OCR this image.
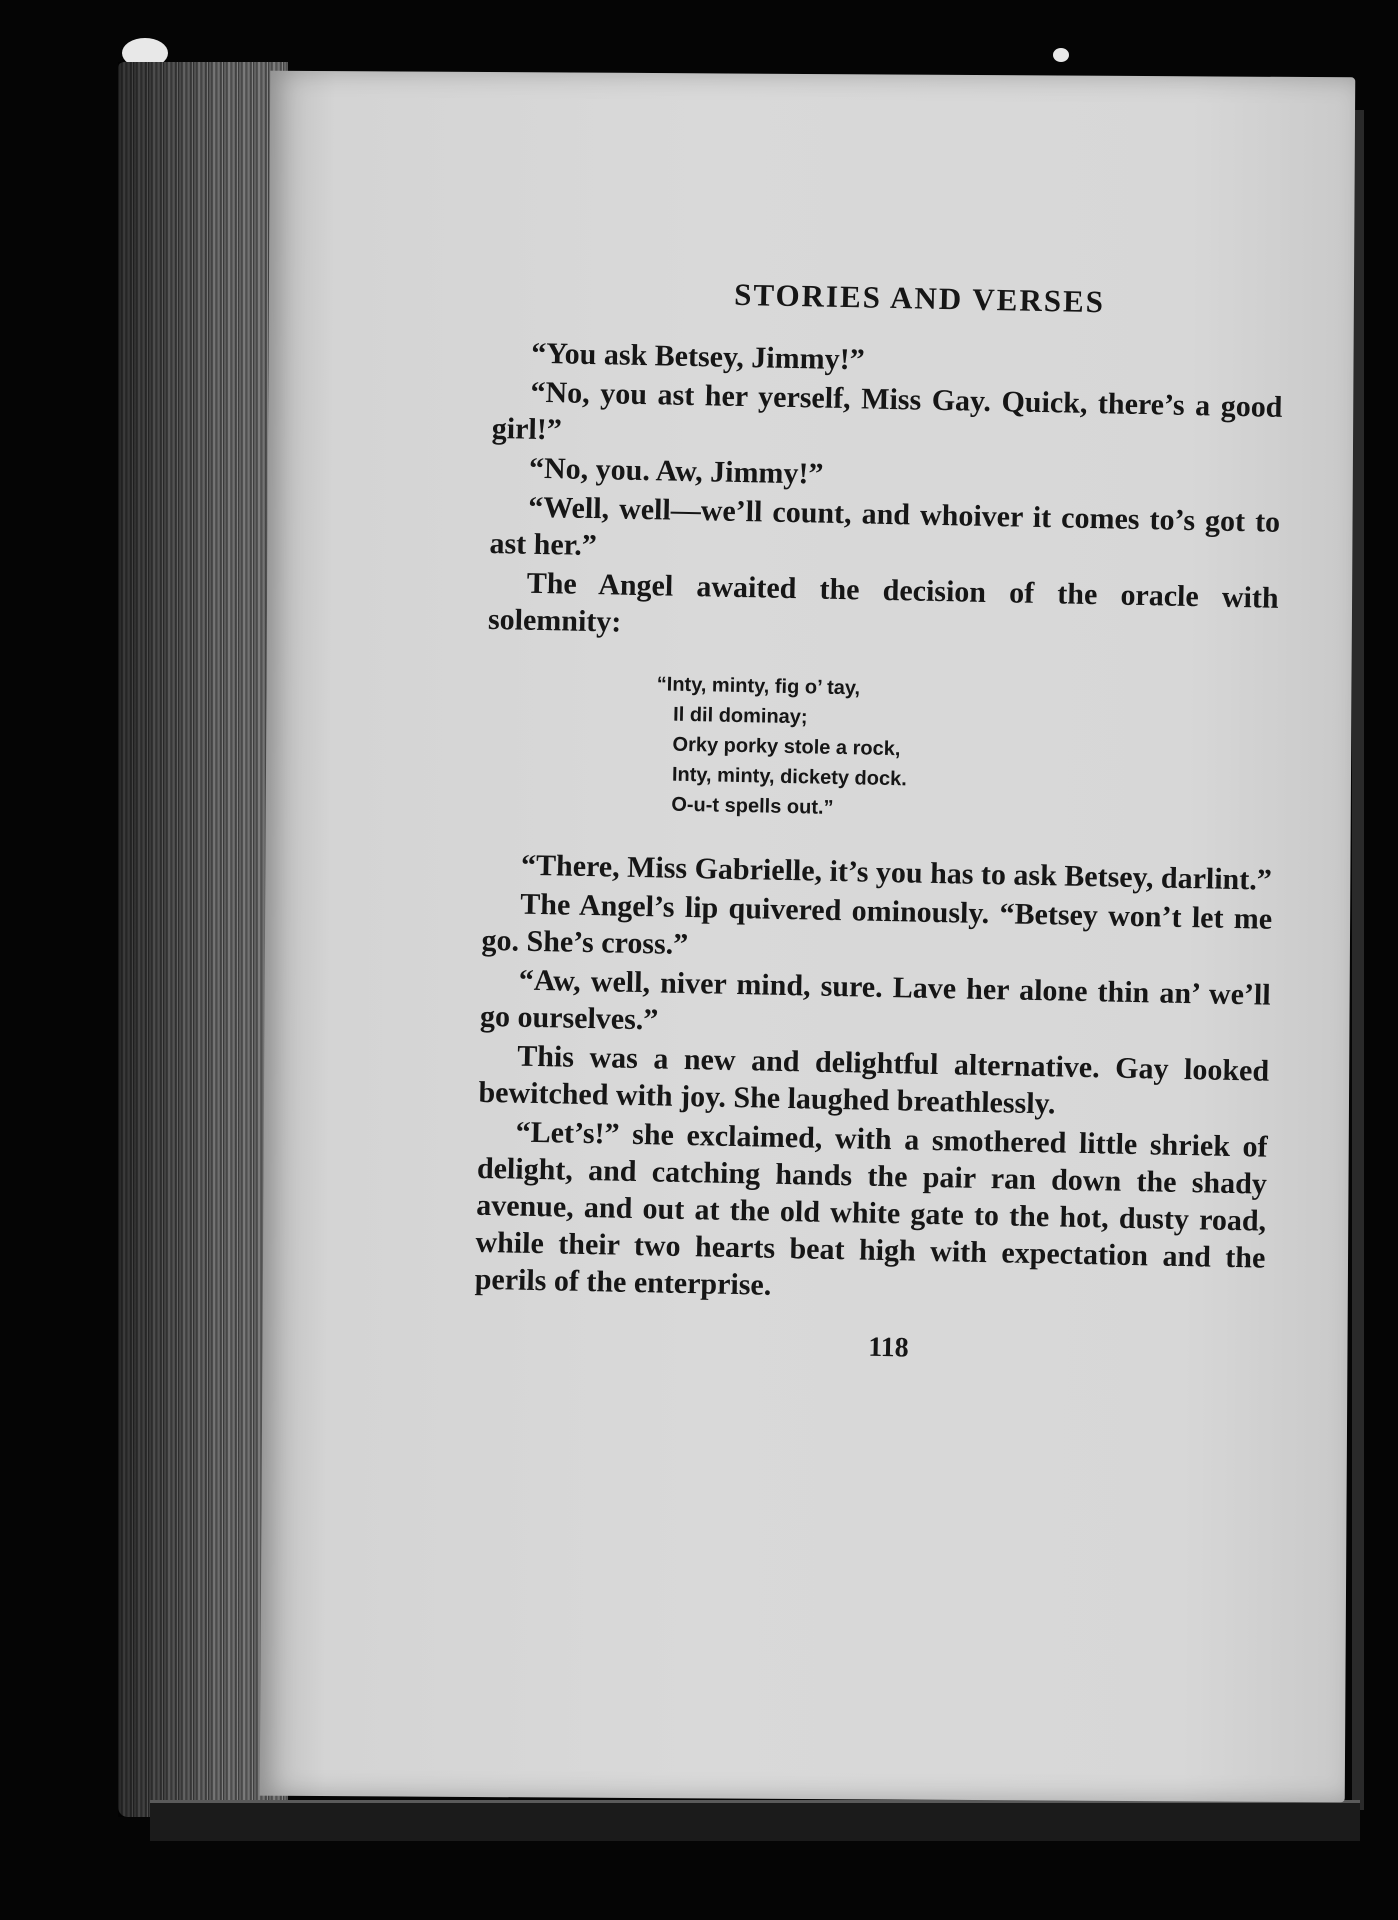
STORIES AND VERSES

“You ask Betsey, Jimmy!”

“No, you ast her yerself, Miss Gay. Quick, there’s a good girl!”

“No, you. Aw, Jimmy!”

“Well, well—we’ll count, and whoiver it comes to’s got to ast her.”

The Angel awaited the decision of the oracle with solemnity:

“Inty, minty, fig o’ tay,
Il dil dominay;
Orky porky stole a rock,
Inty, minty, dickety dock.
O-u-t spells out.”

“There, Miss Gabrielle, it’s you has to ask Betsey, darlint.”

The Angel’s lip quivered ominously. “Betsey won’t let me go. She’s cross.”

“Aw, well, niver mind, sure. Lave her alone thin an’ we’ll go ourselves.”

This was a new and delightful alternative. Gay looked bewitched with joy. She laughed breathlessly.

“Let’s!” she exclaimed, with a smothered little shriek of delight, and catching hands the pair ran down the shady avenue, and out at the old white gate to the hot, dusty road, while their two hearts beat high with expectation and the perils of the enterprise.

118
